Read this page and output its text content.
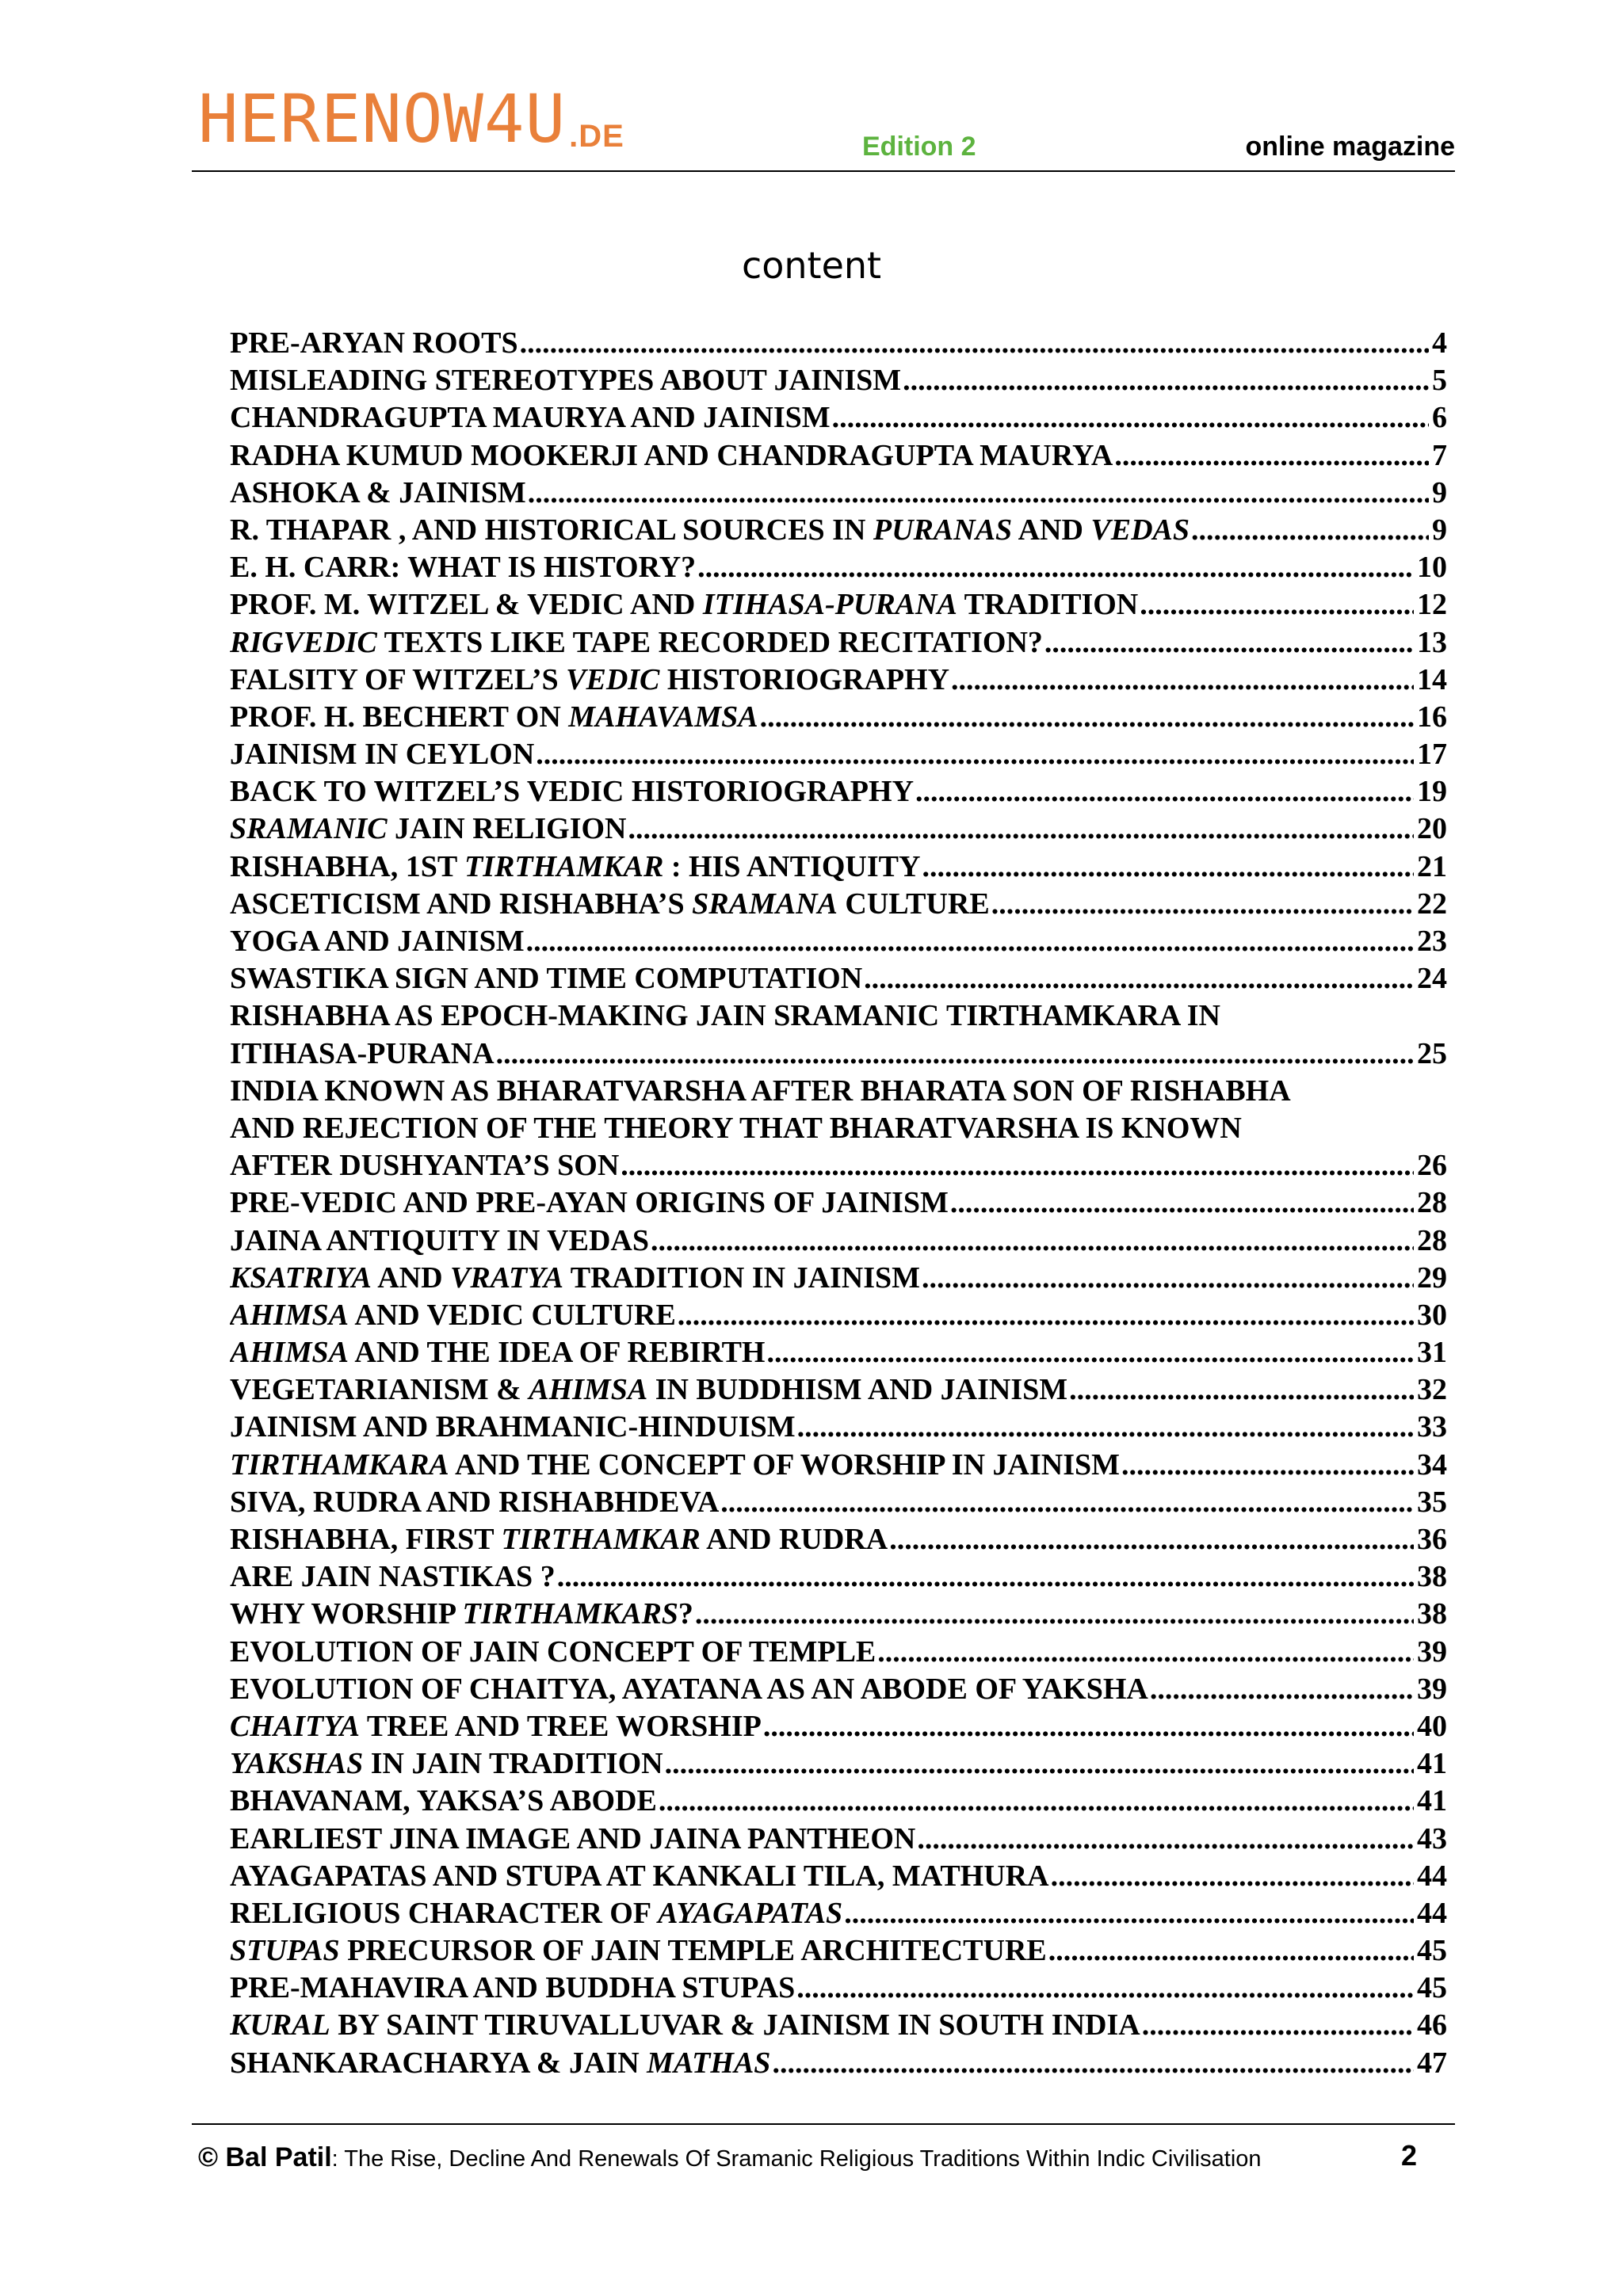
HERENOW4U .DE	Edition 2	online magazine
content
PRE-ARYAN ROOTS .....	4
MISLEADING STEREOTYPES ABOUT JAINISM .....	5
CHANDRAGUPTA MAURYA AND JAINISM .....	6
RADHA KUMUD MOOKERJI AND CHANDRAGUPTA MAURYA .....	7
ASHOKA & JAINISM .....	9
R. THAPAR , AND HISTORICAL SOURCES IN PURANAS AND VEDAS .....	9
E. H. CARR: WHAT IS HISTORY? .....	10
PROF. M. WITZEL & VEDIC AND ITIHASA-PURANA TRADITION .....	12
RIGVEDIC TEXTS LIKE TAPE RECORDED RECITATION? .....	13
FALSITY OF WITZEL’S VEDIC HISTORIOGRAPHY .....	14
PROF. H. BECHERT ON MAHAVAMSA .....	16
JAINISM IN CEYLON .....	17
BACK TO WITZEL’S VEDIC HISTORIOGRAPHY .....	19
SRAMANIC JAIN RELIGION .....	20
RISHABHA, 1ST TIRTHAMKAR : HIS ANTIQUITY .....	21
ASCETICISM AND RISHABHA’S SRAMANA CULTURE .....	22
YOGA AND JAINISM .....	23
SWASTIKA SIGN AND TIME COMPUTATION .....	24
RISHABHA AS EPOCH-MAKING JAIN SRAMANIC TIRTHAMKARA IN
ITIHASA-PURANA .....	25
INDIA KNOWN AS BHARATVARSHA AFTER BHARATA SON OF RISHABHA
AND REJECTION OF THE THEORY THAT BHARATVARSHA IS KNOWN
AFTER DUSHYANTA’S SON .....	26
PRE-VEDIC AND PRE-AYAN ORIGINS OF JAINISM .....	28
JAINA ANTIQUITY IN VEDAS .....	28
KSATRIYA AND VRATYA TRADITION IN JAINISM .....	29
AHIMSA AND VEDIC CULTURE .....	30
AHIMSA AND THE IDEA OF REBIRTH .....	31
VEGETARIANISM & AHIMSA IN BUDDHISM AND JAINISM .....	32
JAINISM AND BRAHMANIC-HINDUISM .....	33
TIRTHAMKARA AND THE CONCEPT OF WORSHIP IN JAINISM .....	34
SIVA, RUDRA AND RISHABHDEVA .....	35
RISHABHA, FIRST TIRTHAMKAR AND RUDRA .....	36
ARE JAIN NASTIKAS ? .....	38
WHY WORSHIP TIRTHAMKARS? .....	38
EVOLUTION OF JAIN CONCEPT OF TEMPLE .....	39
EVOLUTION OF CHAITYA, AYATANA AS AN ABODE OF YAKSHA .....	39
CHAITYA TREE AND TREE WORSHIP .....	40
YAKSHAS IN JAIN TRADITION .....	41
BHAVANAM, YAKSA’S ABODE .....	41
EARLIEST JINA IMAGE AND JAINA PANTHEON .....	43
AYAGAPATAS AND STUPA AT KANKALI TILA, MATHURA .....	44
RELIGIOUS CHARACTER OF AYAGAPATAS .....	44
STUPAS PRECURSOR OF JAIN TEMPLE ARCHITECTURE .....	45
PRE-MAHAVIRA AND BUDDHA STUPAS .....	45
KURAL BY SAINT TIRUVALLUVAR & JAINISM IN SOUTH INDIA .....	46
SHANKARACHARYA & JAIN MATHAS .....	47
© Bal Patil: The Rise, Decline And Renewals Of Sramanic Religious Traditions Within Indic Civilisation	2
